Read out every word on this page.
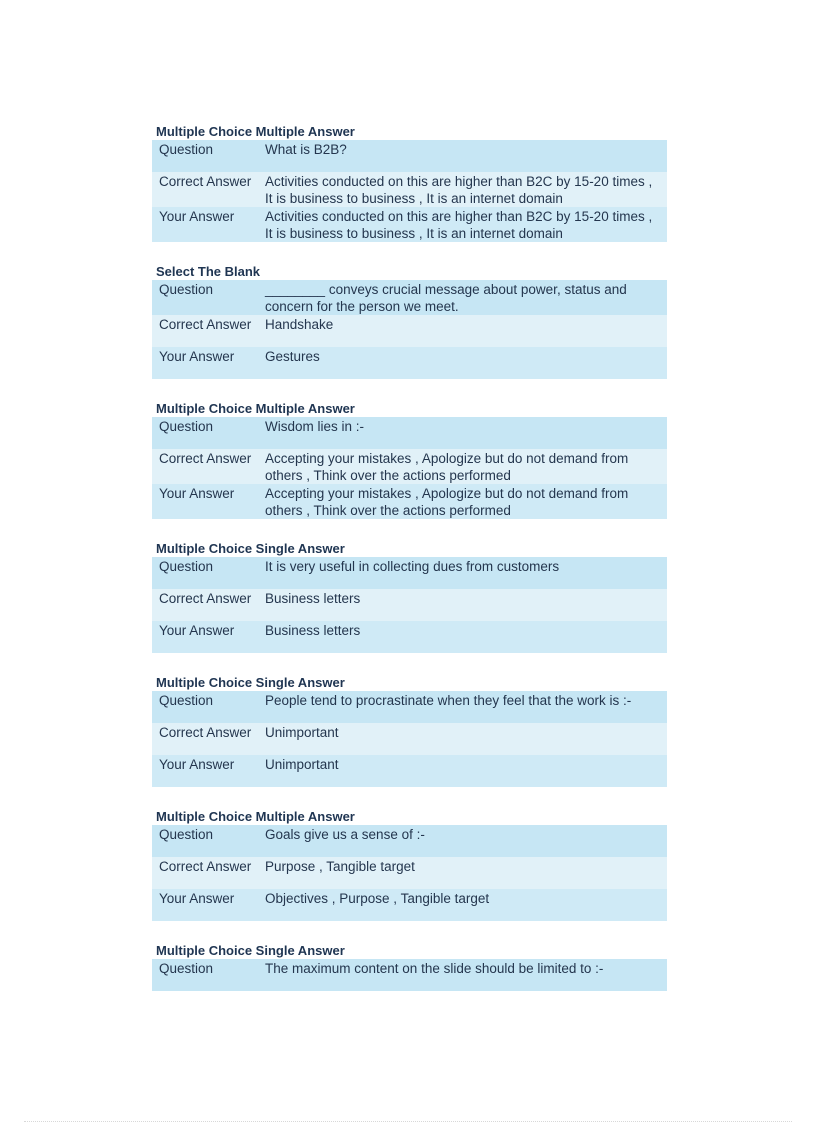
Multiple Choice Multiple Answer
Question	What is B2B?
Correct Answer	Activities conducted on this are higher than B2C by 15-20 times , It is business to business , It is an internet domain
Your Answer	Activities conducted on this are higher than B2C by 15-20 times , It is business to business , It is an internet domain
Select The Blank
Question	________ conveys crucial message about power, status and concern for the person we meet.
Correct Answer	Handshake
Your Answer	Gestures
Multiple Choice Multiple Answer
Question	Wisdom lies in :-
Correct Answer	Accepting your mistakes , Apologize but do not demand from others , Think over the actions performed
Your Answer	Accepting your mistakes , Apologize but do not demand from others , Think over the actions performed
Multiple Choice Single Answer
Question	It is very useful in collecting dues from customers
Correct Answer	Business letters
Your Answer	Business letters
Multiple Choice Single Answer
Question	People tend to procrastinate when they feel that the work is :-
Correct Answer	Unimportant
Your Answer	Unimportant
Multiple Choice Multiple Answer
Question	Goals give us a sense of :-
Correct Answer	Purpose , Tangible target
Your Answer	Objectives , Purpose , Tangible target
Multiple Choice Single Answer
Question	The maximum content on the slide should be limited to :-
